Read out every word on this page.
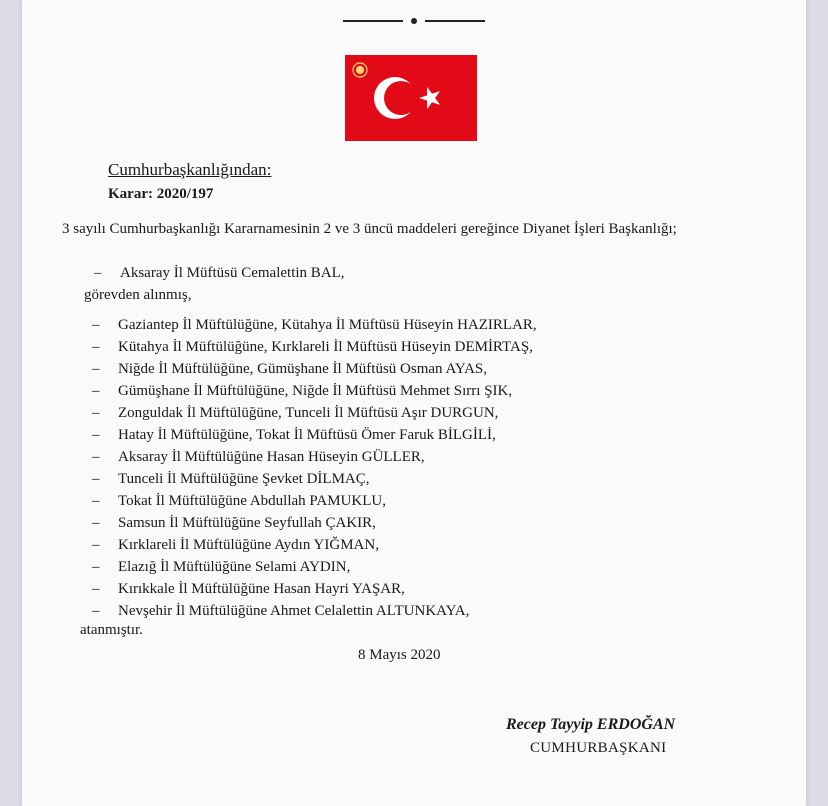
Cumhurbaşkanlığından:
Karar: 2020/197
3 sayılı Cumhurbaşkanlığı Kararnamesinin 2 ve 3 üncü maddeleri gereğince Diyanet İşleri Başkanlığı;
– Aksaray İl Müftüsü Cemalettin BAL,
görevden alınmış,
– Gaziantep İl Müftülüğüne, Kütahya İl Müftüsü Hüseyin HAZIRLAR,
– Kütahya İl Müftülüğüne, Kırklareli İl Müftüsü Hüseyin DEMİRTAŞ,
– Niğde İl Müftülüğüne, Gümüşhane İl Müftüsü Osman AYAS,
– Gümüşhane İl Müftülüğüne, Niğde İl Müftüsü Mehmet Sırrı ŞIK,
– Zonguldak İl Müftülüğüne, Tunceli İl Müftüsü Aşır DURGUN,
– Hatay İl Müftülüğüne, Tokat İl Müftüsü Ömer Faruk BİLGİLİ,
– Aksaray İl Müftülüğüne Hasan Hüseyin GÜLLER,
– Tunceli İl Müftülüğüne Şevket DİLMAÇ,
– Tokat İl Müftülüğüne Abdullah PAMUKLU,
– Samsun İl Müftülüğüne Seyfullah ÇAKIR,
– Kırklareli İl Müftülüğüne Aydın YIĞMAN,
– Elazığ İl Müftülüğüne Selami AYDIN,
– Kırıkkale İl Müftülüğüne Hasan Hayri YAŞAR,
– Nevşehir İl Müftülüğüne Ahmet Celalettin ALTUNKAYA,
atanmıştır.
8 Mayıs 2020
Recep Tayyip ERDOĞAN
CUMHURBAŞKANI
